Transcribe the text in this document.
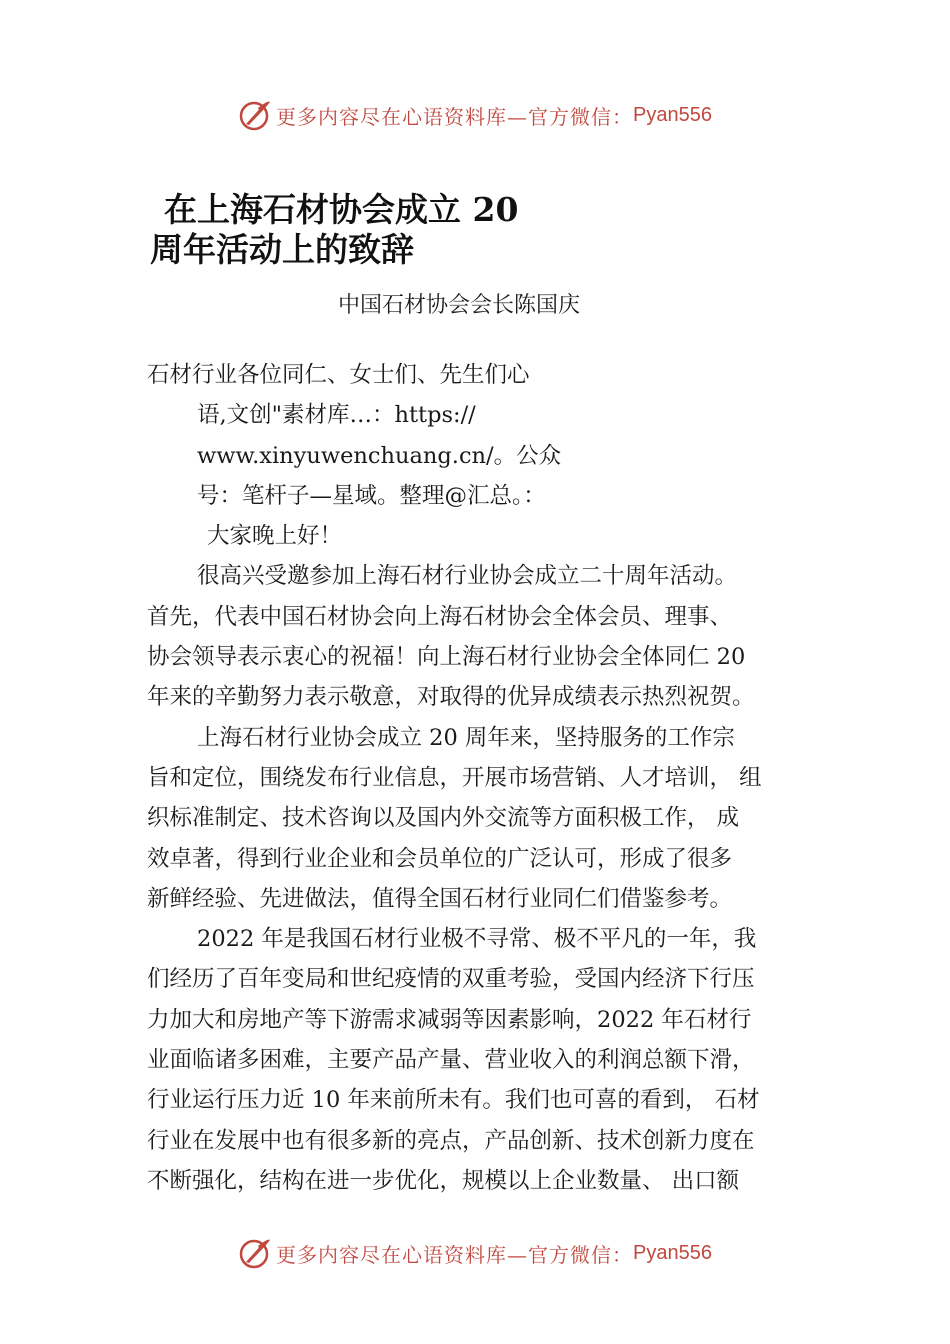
更多内容尽在心语资料库—官方微信： Pyan556
在上海石材协会成立 20
周年活动上的致辞
中国石材协会会长陈国庆
石材行业各位同仁、女士们、先生们心
语,文创"素材库…：https://
www.xinyuwenchuang.cn/。公众
号：笔杆子—星域。整理@汇总。：
大家晚上好！
很高兴受邀参加上海石材行业协会成立二十周年活动。
首先，代表中国石材协会向上海石材协会全体会员、理事、
协会领导表示衷心的祝福！向上海石材行业协会全体同仁 20
年来的辛勤努力表示敬意，对取得的优异成绩表示热烈祝贺。
上海石材行业协会成立 20 周年来，坚持服务的工作宗
旨和定位，围绕发布行业信息，开展市场营销、人才培训， 组
织标准制定、技术咨询以及国内外交流等方面积极工作， 成
效卓著，得到行业企业和会员单位的广泛认可，形成了很多
新鲜经验、先进做法，值得全国石材行业同仁们借鉴参考。
2022 年是我国石材行业极不寻常、极不平凡的一年，我
们经历了百年变局和世纪疫情的双重考验，受国内经济下行压
力加大和房地产等下游需求减弱等因素影响，2022 年石材行
业面临诸多困难，主要产品产量、营业收入的利润总额下滑，
行业运行压力近 10 年来前所未有。我们也可喜的看到， 石材
行业在发展中也有很多新的亮点，产品创新、技术创新力度在
不断强化，结构在进一步优化，规模以上企业数量、 出口额
更多内容尽在心语资料库—官方微信： Pyan556
